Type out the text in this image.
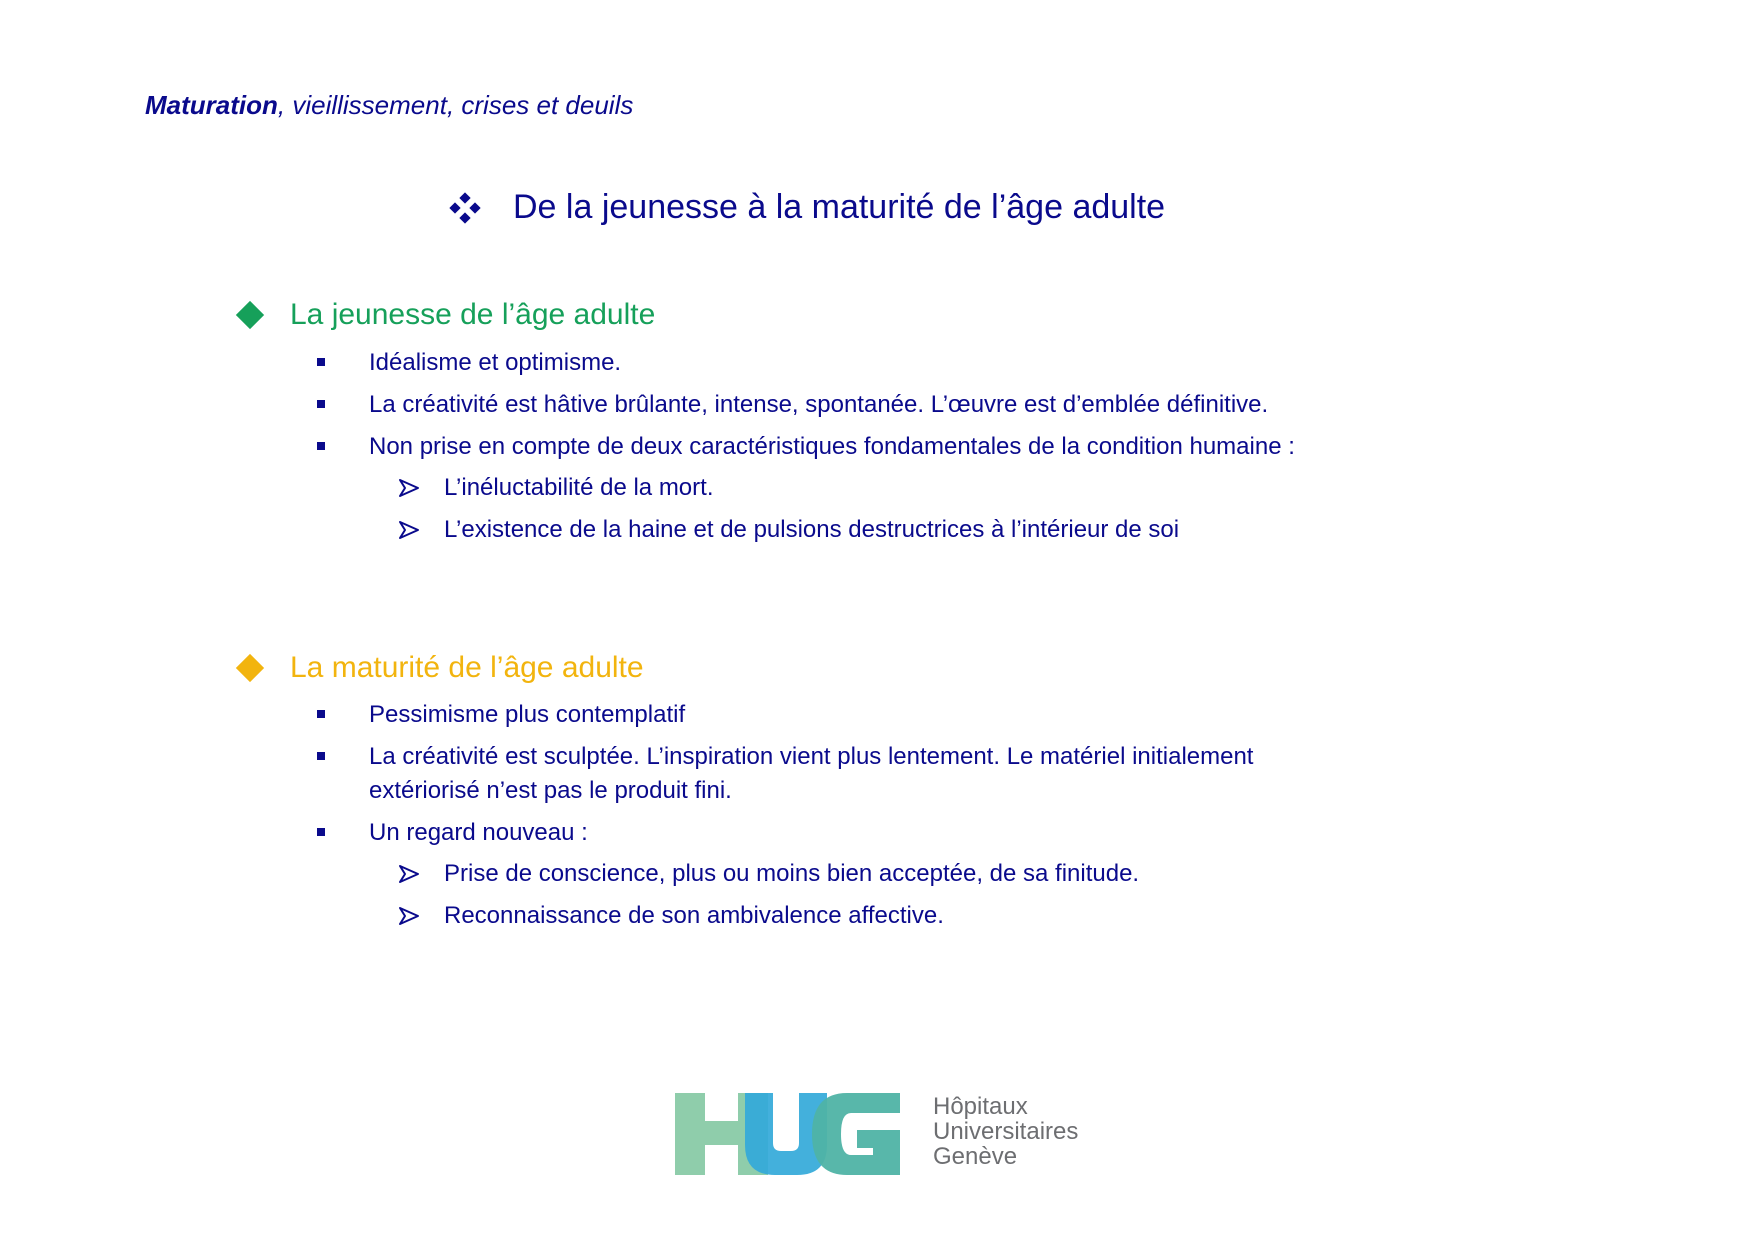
Maturation, vieillissement, crises et deuils
De la jeunesse à la maturité de l’âge adulte
La jeunesse de l’âge adulte
Idéalisme et optimisme.
La créativité est hâtive brûlante, intense, spontanée. L’œuvre est d’emblée définitive.
Non prise en compte de deux caractéristiques fondamentales de la condition humaine :
L’inéluctabilité de la mort.
L’existence de la haine et de pulsions destructrices à l’intérieur de soi
La maturité de l’âge adulte
Pessimisme plus contemplatif
La créativité est sculptée. L’inspiration vient plus lentement. Le matériel initialement
extériorisé n’est pas le produit fini.
Un regard nouveau :
Prise de conscience, plus ou moins bien acceptée, de sa finitude.
Reconnaissance de son ambivalence affective.
Hôpitaux
Universitaires
Genève
